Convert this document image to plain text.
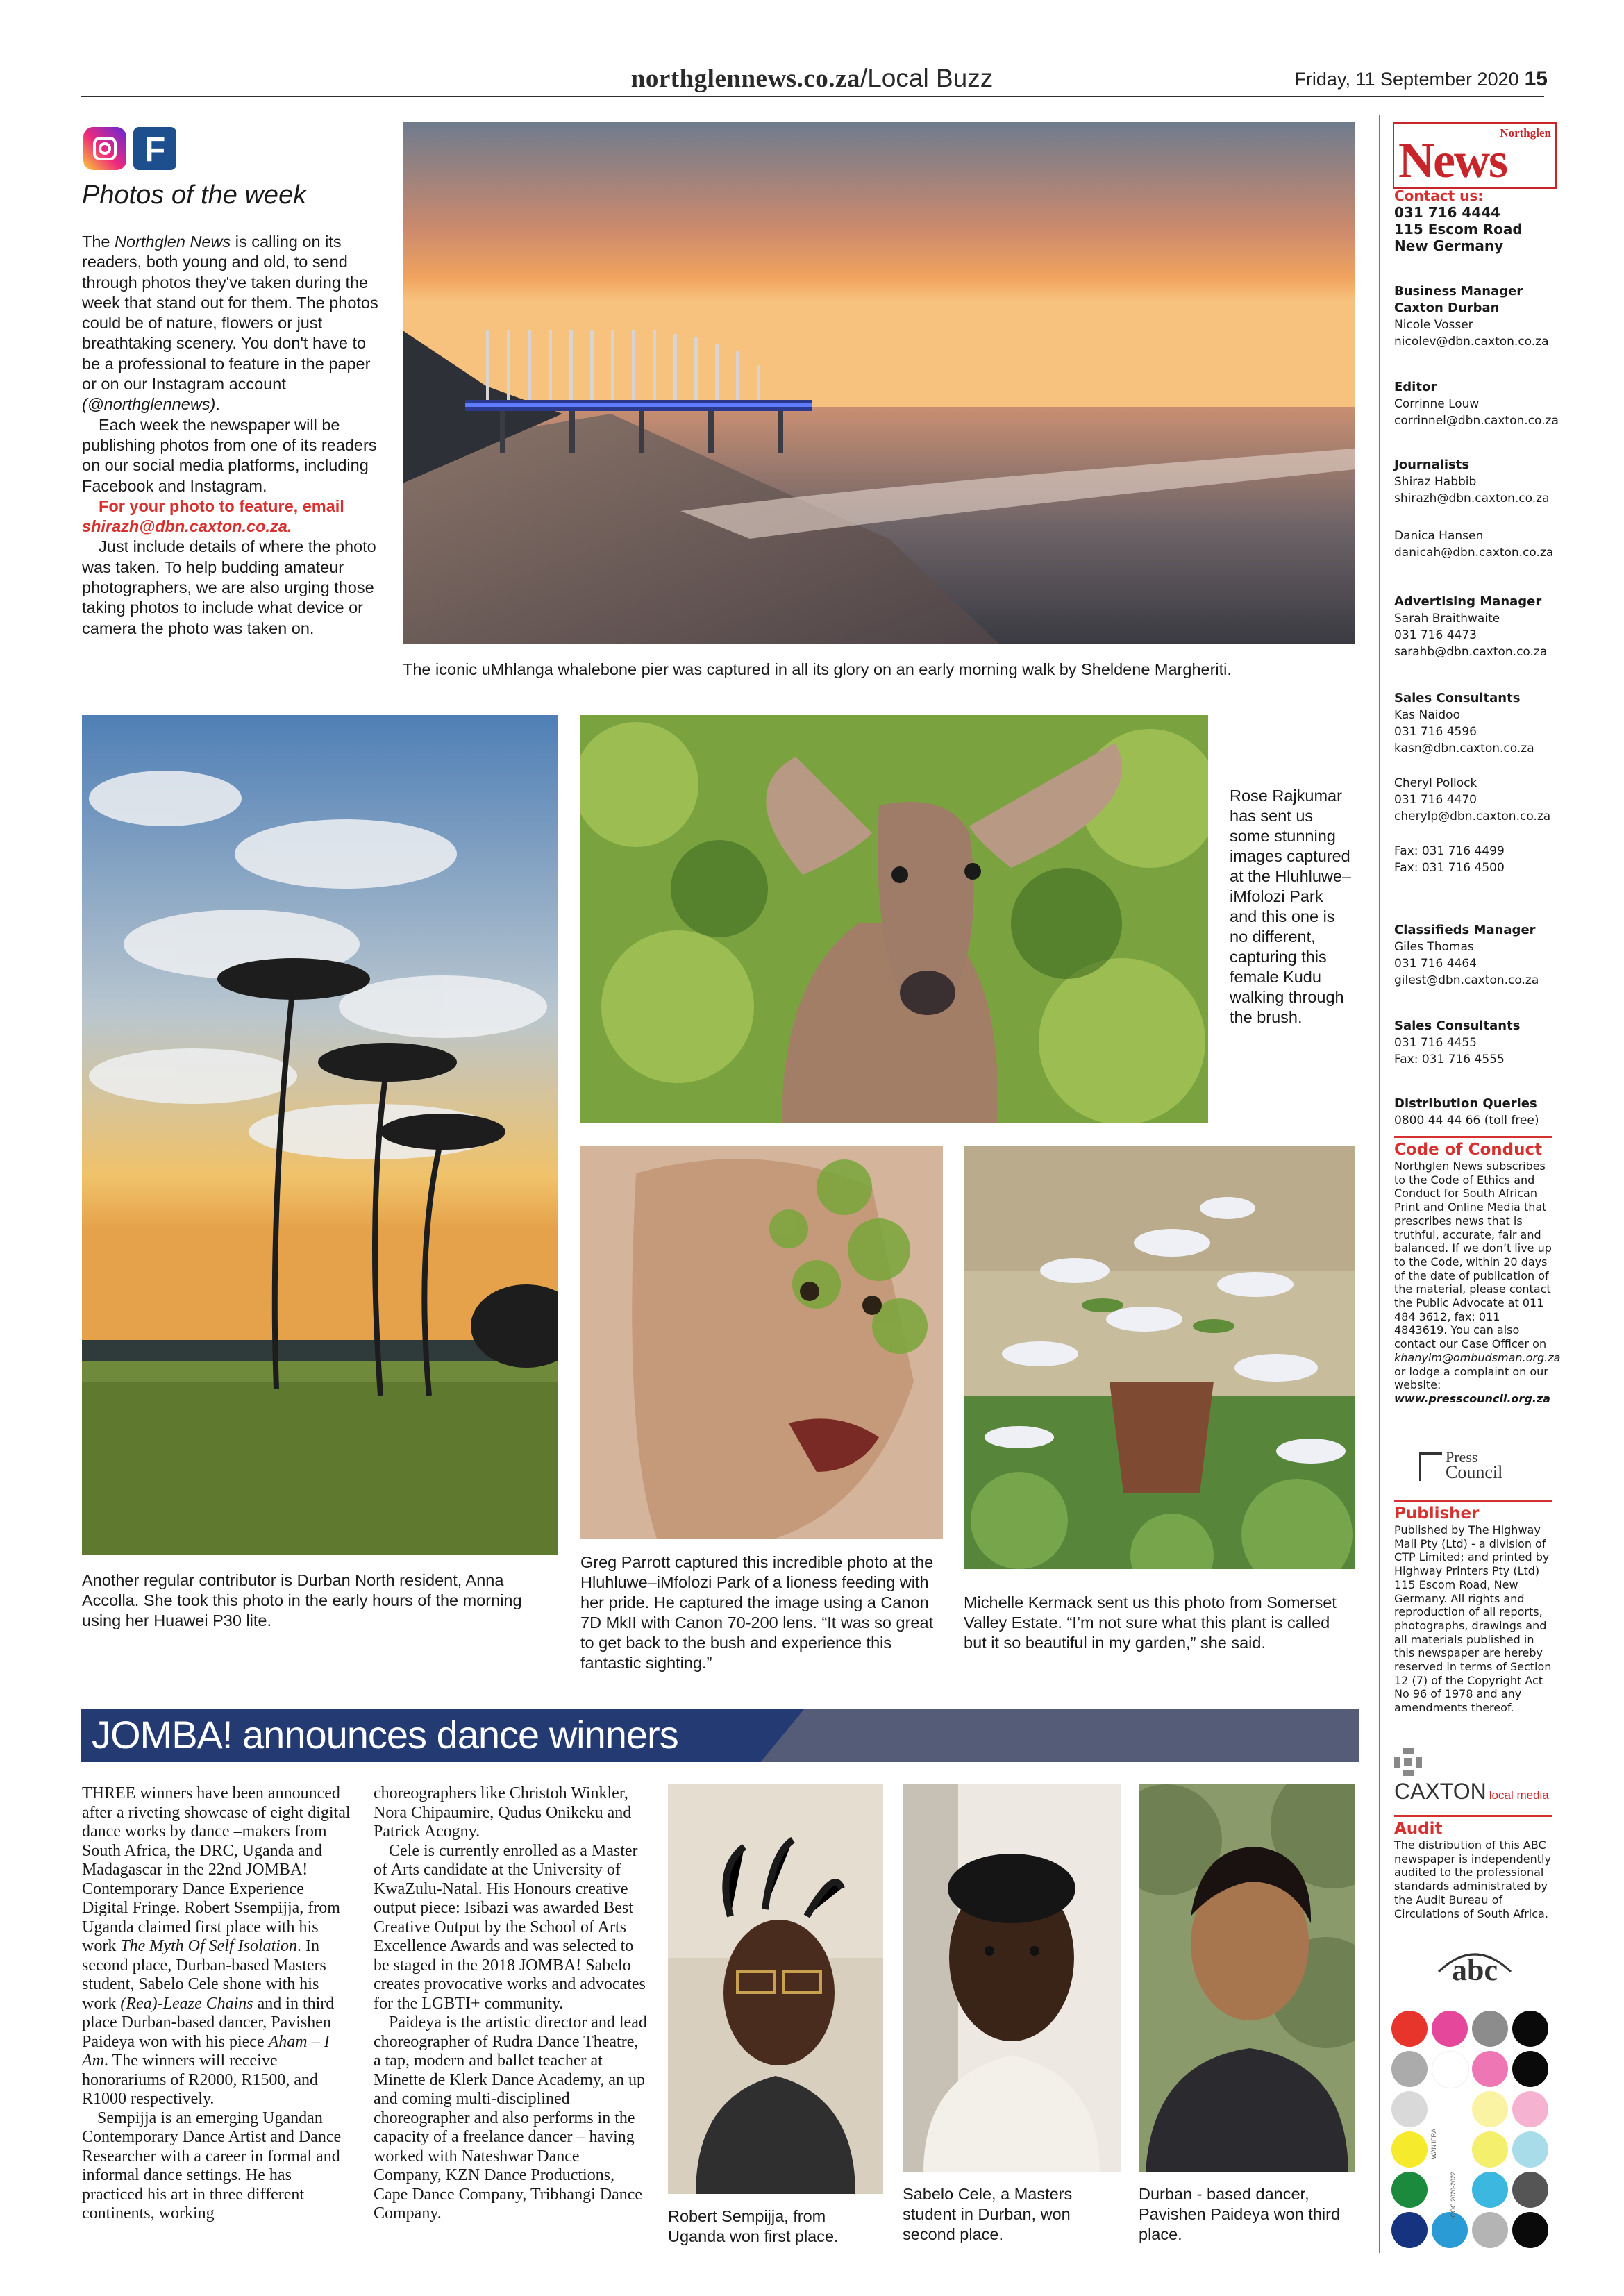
northglennews.co.za/Local Buzz	Friday, 11 September 2020 15
F
Photos of the week

The Northglen News is calling on its readers, both young and old, to send through photos they've taken during the week that stand out for them. The photos could be of nature, flowers or just breathtaking scenery. You don't have to be a professional to feature in the paper or on our Instagram account (@northglennews).

Each week the newspaper will be publishing photos from one of its readers on our social media platforms, including Facebook and Instagram.

For your photo to feature, email

shirazh@dbn.caxton.co.za.

Just include details of where the photo was taken. To help budding amateur photographers, we are also urging those taking photos to include what device or camera the photo was taken on.

The iconic uMhlanga whalebone pier was captured in all its glory on an early morning walk by Sheldene Margheriti.
Another regular contributor is Durban North resident, Anna Accolla. She took this photo in the early hours of the morning using her Huawei P30 lite.
Rose Rajkumar has sent us some stunning images captured at the Hluhluwe–iMfolozi Park and this one is no different, capturing this female Kudu walking through the brush.
Greg Parrott captured this incredible photo at the Hluhluwe–iMfolozi Park of a lioness feeding with her pride. He captured the image using a Canon 7D MkII with Canon 70-200 lens. “It was so great to get back to the bush and experience this fantastic sighting.”
Michelle Kermack sent us this photo from Somerset Valley Estate. “I’m not sure what this plant is called but it so beautiful in my garden,” she said.
JOMBA! announces dance winners

THREE winners have been announced after a riveting showcase of eight digital dance works by dance –makers from South Africa, the DRC, Uganda and Madagascar in the 22nd JOMBA! Contemporary Dance Experience Digital Fringe. Robert Ssempijja, from Uganda claimed first place with his work The Myth Of Self Isolation. In second place, Durban-based Masters student, Sabelo Cele shone with his work (Rea)-Leaze Chains and in third place Durban-based dancer, Pavishen Paideya won with his piece Aham – I Am. The winners will receive honorariums of R2000, R1500, and R1000 respectively.

Sempijja is an emerging Ugandan Contemporary Dance Artist and Dance Researcher with a career in formal and informal dance settings. He has practiced his art in three different continents, working

choreographers like Christoh Winkler, Nora Chipaumire, Qudus Onikeku and Patrick Acogny.

Cele is currently enrolled as a Master of Arts candidate at the University of KwaZulu-Natal. His Honours creative output piece: Isibazi was awarded Best Creative Output by the School of Arts Excellence Awards and was selected to be staged in the 2018 JOMBA! Sabelo creates provocative works and advocates for the LGBTI+ community.

Paideya is the artistic director and lead choreographer of Rudra Dance Theatre, a tap, modern and ballet teacher at Minette de Klerk Dance Academy, an up and coming multi-disciplined choreographer and also performs in the capacity of a freelance dancer – having worked with Nateshwar Dance Company, KZN Dance Productions, Cape Dance Company, Tribhangi Dance Company.	Robert Sempijja, from Uganda won first place.
Sabelo Cele, a Masters student in Durban, won second place.
Durban - based dancer, Pavishen Paideya won third place.
Northglen
News
Contact us:
031 716 4444
115 Escom Road
New Germany
Business Manager
Caxton Durban
Nicole Vosser
nicolev@dbn.caxton.co.za
Editor
Corrinne Louw
corrinnel@dbn.caxton.co.za
Journalists
Shiraz Habbib
shirazh@dbn.caxton.co.za
Danica Hansen
danicah@dbn.caxton.co.za
Advertising Manager
Sarah Braithwaite
031 716 4473
sarahb@dbn.caxton.co.za
Sales Consultants
Kas Naidoo
031 716 4596
kasn@dbn.caxton.co.za
Cheryl Pollock
031 716 4470
cherylp@dbn.caxton.co.za
Fax: 031 716 4499
Fax: 031 716 4500
Classifieds Manager
Giles Thomas
031 716 4464
gilest@dbn.caxton.co.za
Sales Consultants
031 716 4455
Fax: 031 716 4555
Distribution Queries
0800 44 44 66 (toll free)
Code of Conduct
Northglen News subscribes to the Code of Ethics and Conduct for South African Print and Online Media that prescribes news that is truthful, accurate, fair and balanced. If we don’t live up to the Code, within 20 days of the date of publication of the material, please contact the Public Advocate at 011 484 3612, fax: 011 4843619. You can also contact our Case Officer on khanyim@ombudsman.org.za or lodge a complaint on our website: www.presscouncil.org.za
Press
Council
Publisher
Published by The Highway Mail Pty (Ltd) - a division of CTP Limited; and printed by Highway Printers Pty (Ltd) 115 Escom Road, New Germany. All rights and reproduction of all reports, photographs, drawings and all materials published in this newspaper are hereby reserved in terms of Section 12 (7) of the Copyright Act No 96 of 1978 and any amendments thereof.
CAXTON local media
Audit
The distribution of this ABC newspaper is independently audited to the professional standards administrated by the Audit Bureau of Circulations of South Africa.
abc
WAN IFRA
ICOC 2020-2022
